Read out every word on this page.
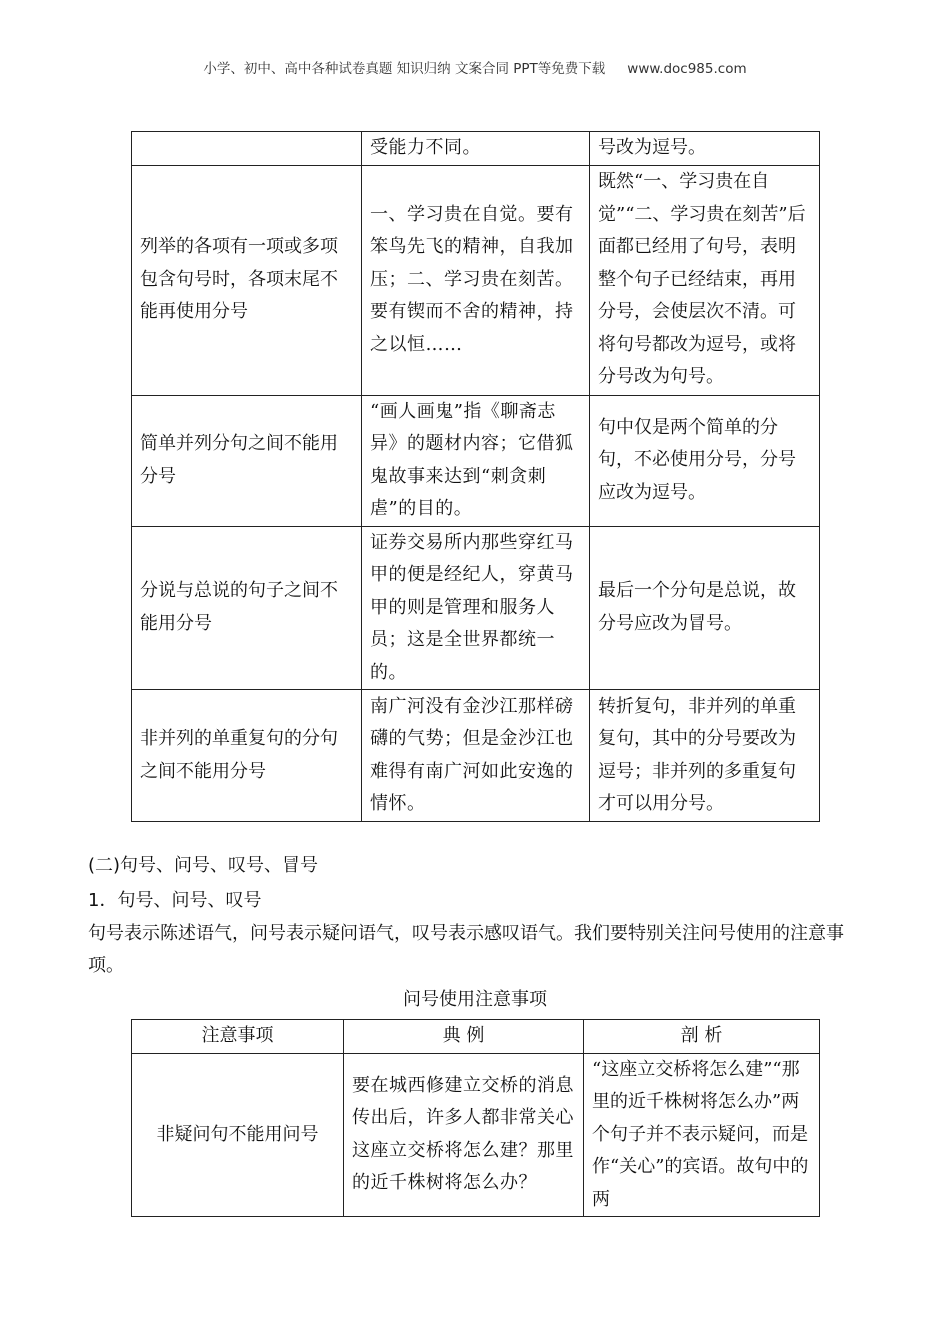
小学、初中、高中各种试卷真题 知识归纳 文案合同 PPT等免费下载 www.doc985.com
	受能力不同。	号改为逗号。
列举的各项有一项或多项包含句号时，各项末尾不能再使用分号	一、学习贵在自觉。要有笨鸟先飞的精神，自我加压；二、学习贵在刻苦。要有锲而不舍的精神，持之以恒……	既然“一、学习贵在自觉”“二、学习贵在刻苦”后面都已经用了句号，表明整个句子已经结束，再用分号，会使层次不清。可将句号都改为逗号，或将分号改为句号。
简单并列分句之间不能用分号	“画人画鬼”指《聊斋志异》的题材内容；它借狐鬼故事来达到“刺贪刺虐”的目的。	句中仅是两个简单的分句，不必使用分号，分号应改为逗号。
分说与总说的句子之间不能用分号	证券交易所内那些穿红马甲的便是经纪人，穿黄马甲的则是管理和服务人员；这是全世界都统一的。	最后一个分句是总说，故分号应改为冒号。
非并列的单重复句的分句之间不能用分号	南广河没有金沙江那样磅礴的气势；但是金沙江也难得有南广河如此安逸的情怀。	转折复句，非并列的单重复句，其中的分号要改为逗号；非并列的多重复句才可以用分号。
(二)句号、问号、叹号、冒号
1．句号、问号、叹号
句号表示陈述语气，问号表示疑问语气，叹号表示感叹语气。我们要特别关注问号使用的注意事项。
问号使用注意事项
注意事项	典 例	剖 析
非疑问句不能用问号	要在城西修建立交桥的消息传出后，许多人都非常关心这座立交桥将怎么建？那里的近千株树将怎么办？	“这座立交桥将怎么建”“那里的近千株树将怎么办”两个句子并不表示疑问，而是作“关心”的宾语。故句中的两
